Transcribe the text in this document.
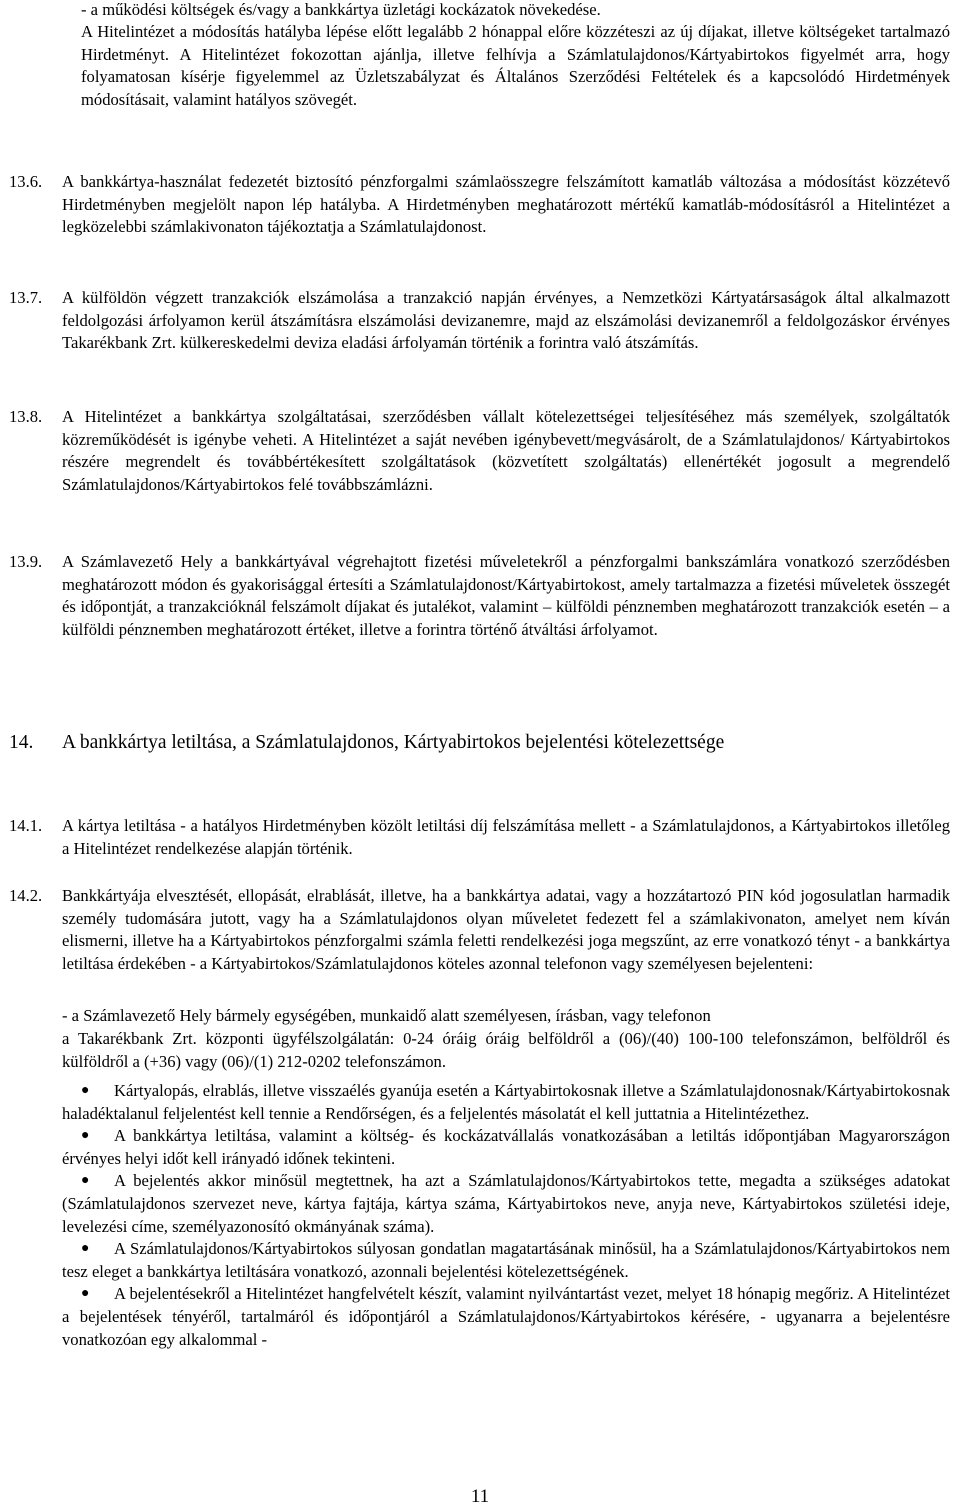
- a működési költségek és/vagy a bankkártya üzletági kockázatok növekedése.

A Hitelintézet a módosítás hatályba lépése előtt legalább 2 hónappal előre közzéteszi az új díjakat, illetve költségeket tartalmazó Hirdetményt. A Hitelintézet fokozottan ajánlja, illetve felhívja a Számlatulajdonos/Kártyabirtokos figyelmét arra, hogy folyamatosan kísérje figyelemmel az Üzletszabályzat és Általános Szerződési Feltételek és a kapcsolódó Hirdetmények módosításait, valamint hatályos szövegét.

13.6.	A bankkártya-használat fedezetét biztosító pénzforgalmi számlaösszegre felszámított kamatláb változása a módosítást közzétevő Hirdetményben megjelölt napon lép hatályba. A Hirdetményben meghatározott mértékű kamatláb-módosításról a Hitelintézet a legközelebbi számlakivonaton tájékoztatja a Számlatulajdonost.
13.7.	A külföldön végzett tranzakciók elszámolása a tranzakció napján érvényes, a Nemzetközi Kártyatársaságok által alkalmazott feldolgozási árfolyamon kerül átszámításra elszámolási devizanemre, majd az elszámolási devizanemről a feldolgozáskor érvényes Takarékbank Zrt. külkereskedelmi deviza eladási árfolyamán történik a forintra való átszámítás.
13.8.	A Hitelintézet a bankkártya szolgáltatásai, szerződésben vállalt kötelezettségei teljesítéséhez más személyek, szolgáltatók közreműködését is igénybe veheti. A Hitelintézet a saját nevében igénybevett/megvásárolt, de a Számlatulajdonos/ Kártyabirtokos részére megrendelt és továbbértékesített szolgáltatások (közvetített szolgáltatás) ellenértékét jogosult a megrendelő Számlatulajdonos/Kártyabirtokos felé továbbszámlázni.
13.9.	A Számlavezető Hely a bankkártyával végrehajtott fizetési műveletekről a pénzforgalmi bankszámlára vonatkozó szerződésben meghatározott módon és gyakorisággal értesíti a Számlatulajdonost/Kártyabirtokost, amely tartalmazza a fizetési műveletek összegét és időpontját, a tranzakcióknál felszámolt díjakat és jutalékot, valamint – külföldi pénznemben meghatározott tranzakciók esetén – a külföldi pénznemben meghatározott értéket, illetve a forintra történő átváltási árfolyamot.
14. A bankkártya letiltása, a Számlatulajdonos, Kártyabirtokos bejelentési kötelezettsége
14.1.	A kártya letiltása - a hatályos Hirdetményben közölt letiltási díj felszámítása mellett - a Számlatulajdonos, a Kártyabirtokos illetőleg a Hitelintézet rendelkezése alapján történik.
14.2.	Bankkártyája elvesztését, ellopását, elrablását, illetve, ha a bankkártya adatai, vagy a hozzátartozó PIN kód jogosulatlan harmadik személy tudomására jutott, vagy ha a Számlatulajdonos olyan műveletet fedezett fel a számlakivonaton, amelyet nem kíván elismerni, illetve ha a Kártyabirtokos pénzforgalmi számla feletti rendelkezési joga megszűnt, az erre vonatkozó tényt - a bankkártya letiltása érdekében - a Kártyabirtokos/Számlatulajdonos köteles azonnal telefonon vagy személyesen bejelenteni:

- a Számlavezető Hely bármely egységében, munkaidő alatt személyesen, írásban, vagy telefonon

a Takarékbank Zrt. központi ügyfélszolgálatán: 0-24 óráig óráig belföldről a (06)/(40) 100-100 telefonszámon, belföldről és külföldről a (+36) vagy (06)/(1) 212-0202 telefonszámon.

●	Kártyalopás, elrablás, illetve visszaélés gyanúja esetén a Kártyabirtokosnak illetve a Számlatulajdonosnak/Kártyabirtokosnak haladéktalanul feljelentést kell tennie a Rendőrségen, és a feljelentés másolatát el kell juttatnia a Hitelintézethez.
●	A bankkártya letiltása, valamint a költség- és kockázatvállalás vonatkozásában a letiltás időpontjában Magyarországon érvényes helyi időt kell irányadó időnek tekinteni.
●	A bejelentés akkor minősül megtettnek, ha azt a Számlatulajdonos/Kártyabirtokos tette, megadta a szükséges adatokat (Számlatulajdonos szervezet neve, kártya fajtája, kártya száma, Kártyabirtokos neve, anyja neve, Kártyabirtokos születési ideje, levelezési címe, személyazonosító okmányának száma).
●	A Számlatulajdonos/Kártyabirtokos súlyosan gondatlan magatartásának minősül, ha a Számlatulajdonos/Kártyabirtokos nem tesz eleget a bankkártya letiltására vonatkozó, azonnali bejelentési kötelezettségének.
●	A bejelentésekről a Hitelintézet hangfelvételt készít, valamint nyilvántartást vezet, melyet 18 hónapig megőriz. A Hitelintézet a bejelentések tényéről, tartalmáról és időpontjáról a Számlatulajdonos/Kártyabirtokos kérésére, - ugyanarra a bejelentésre vonatkozóan egy alkalommal -
11
